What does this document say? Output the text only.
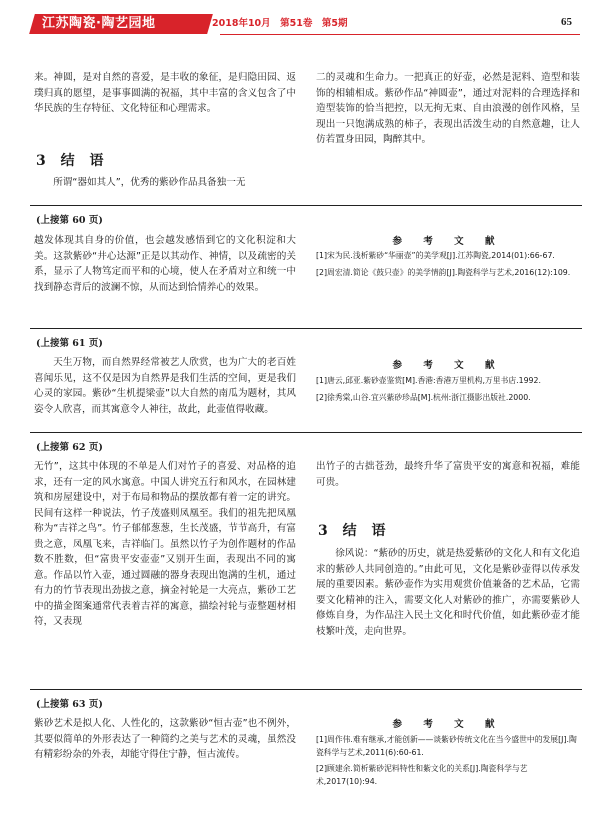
江苏陶瓷·陶艺园地	2018年10月　第51卷　第5期	65

来。神圆，是对自然的喜爱，是丰收的象征，是归隐田园、返璞归真的愿望，是事事圆满的祝福，其中丰富的含义包含了中华民族的生存特征、文化特征和心理需求。

3 结 语

所谓“器如其人”，优秀的紫砂作品具备独一无

二的灵魂和生命力。一把真正的好壶，必然是泥料、造型和装饰的相辅相成。紫砂作品“神圆壶”，通过对泥料的合理选择和造型装饰的恰当把控，以无拘无束、自由浪漫的创作风格，呈现出一只饱满成熟的柿子，表现出活泼生动的自然意趣，让人仿若置身田园，陶醉其中。

(上接第 60 页)

越发体现其自身的价值，也会越发感悟到它的文化积淀和大美。这款紫砂“井心达源”正是以其动作、神情，以及疏密的关系，显示了人物笃定而平和的心境，使人在矛盾对立和统一中找到静态背后的波澜不惊，从而达到恰情养心的效果。

参 考 文 献
[1]宋为民.浅析紫砂“华丽壶”的美学观[J].江苏陶瓷,2014(01):66-67.
[2]周宏清.简论《鼓只壶》的美学情韵[J].陶瓷科学与艺术,2016(12):109.
(上接第 61 页)

天生万物，而自然界经常被艺人欣赏，也为广大的老百姓喜闻乐见，这不仅是因为自然界是我们生活的空间，更是我们心灵的家园。紫砂“生机提梁壶”以大自然的南瓜为题材，其风姿令人欣喜，而其寓意令人神往，故此，此壶值得收藏。

参 考 文 献
[1]唐云,邱亚.紫砂壶鉴赏[M].香港:香港万里机构,万里书店.1992.
[2]徐秀棠,山谷.宜兴紫砂珍品[M].杭州:浙江摄影出版社.2000.
(上接第 62 页)

无竹”，这其中体现的不单是人们对竹子的喜爱、对品格的追求，还有一定的风水寓意。中国人讲究五行和风水，在园林建筑和房屋建设中，对于布局和物品的摆放都有着一定的讲究。民间有这样一种说法，竹子茂盛则凤凰至。我们的祖先把凤凰称为“吉祥之鸟”。竹子郁郁葱葱，生长茂盛，节节高升，有富贵之意，凤凰飞来，吉祥临门。虽然以竹子为创作题材的作品数不胜数，但“富贵平安壶壶”又别开生面，表现出不同的寓意。作品以竹入壶，通过圆融的器身表现出饱满的生机，通过有力的竹节表现出劲拔之意，摘金衬轮是一大亮点，紫砂工艺中的描金图案通常代表着吉祥的寓意，描绘衬轮与壶整题材相符，又表现

出竹子的古拙苍劲，最终升华了富贵平安的寓意和祝福，难能可贵。

3 结 语

徐风说：“紫砂的历史，就是热爱紫砂的文化人和有文化追求的紫砂人共同创造的。”由此可见，文化是紫砂壶得以传承发展的重要因素。紫砂壶作为实用观赏价值兼备的艺术品，它需要文化精神的注入，需要文化人对紫砂的推广，亦需要紫砂人修炼自身，为作品注入民土文化和时代价值，如此紫砂壶才能枝繁叶茂，走向世界。

(上接第 63 页)

紫砂艺术是拟人化、人性化的，这款紫砂“恒古壶”也不例外，其要似简单的外形表达了一种简约之美与艺术的灵魂，虽然没有精彩纷杂的外表，却能守得住宁静，恒古流传。

参 考 文 献
[1]周作伟.难有继承,才能创新——谈紫砂传统文化在当今盛世中的发展[J].陶瓷科学与艺术,2011(6):60-61.
[2]顾建余.简析紫砂泥料特性和紫文化的关系[J].陶瓷科学与艺术,2017(10):94.
